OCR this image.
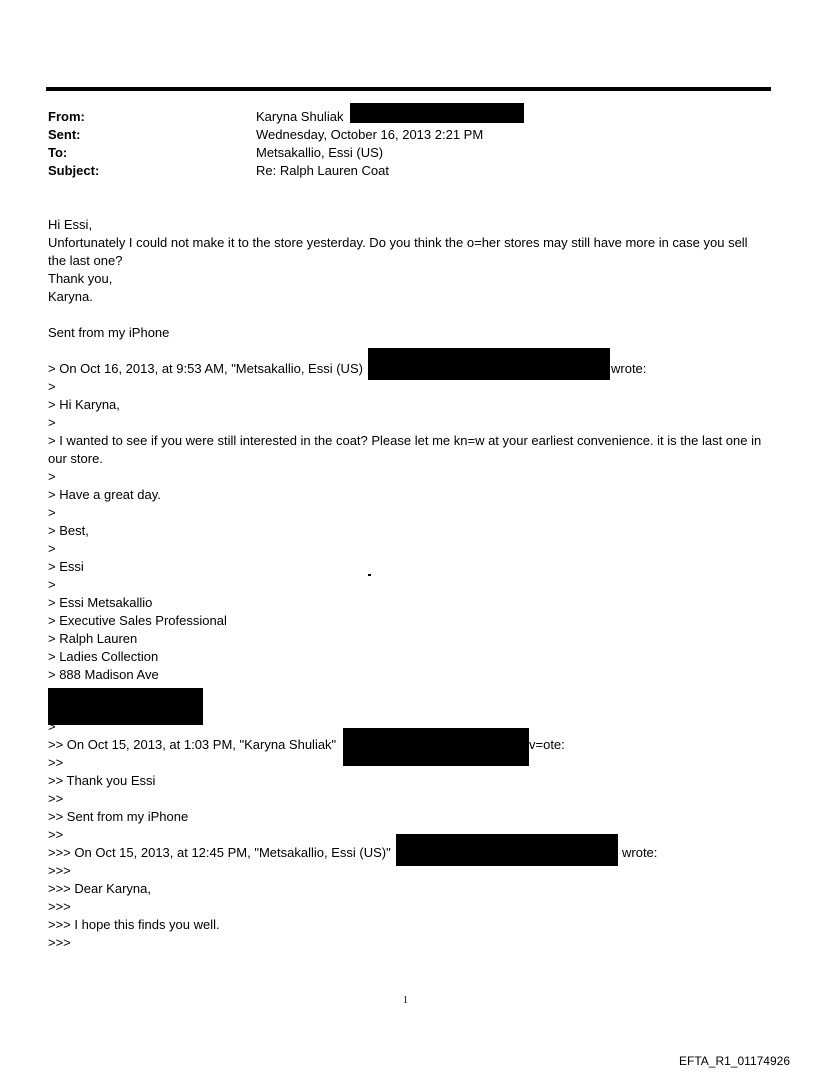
From:	Karyna Shuliak
Sent:	Wednesday, October 16, 2013 2:21 PM
To:	Metsakallio, Essi (US)
Subject:	Re: Ralph Lauren Coat
Hi Essi,
Unfortunately I could not make it to the store yesterday. Do you think the o=her stores may still have more in case you sell the last one?
Thank you,
Karyna.
Sent from my iPhone
> On Oct 16, 2013, at 9:53 AM, "Metsakallio, Essi (US)	wrote:
>
> Hi Karyna,
>
> I wanted to see if you were still interested in the coat? Please let me kn=w at your earliest convenience. it is the last one in our store.
>
> Have a great day.
>
> Best,
>
> Essi
>
> Essi Metsakallio
> Executive Sales Professional
> Ralph Lauren
> Ladies Collection
> 888 Madison Ave
>
>> On Oct 15, 2013, at 1:03 PM, "Karyna Shuliak"	v=ote:
>>
>> Thank you Essi
>>
>> Sent from my iPhone
>>
>>> On Oct 15, 2013, at 12:45 PM, "Metsakallio, Essi (US)"	wrote:
>>>
>>> Dear Karyna,
>>>
>>> I hope this finds you well.
>>>
1
EFTA_R1_01174926
